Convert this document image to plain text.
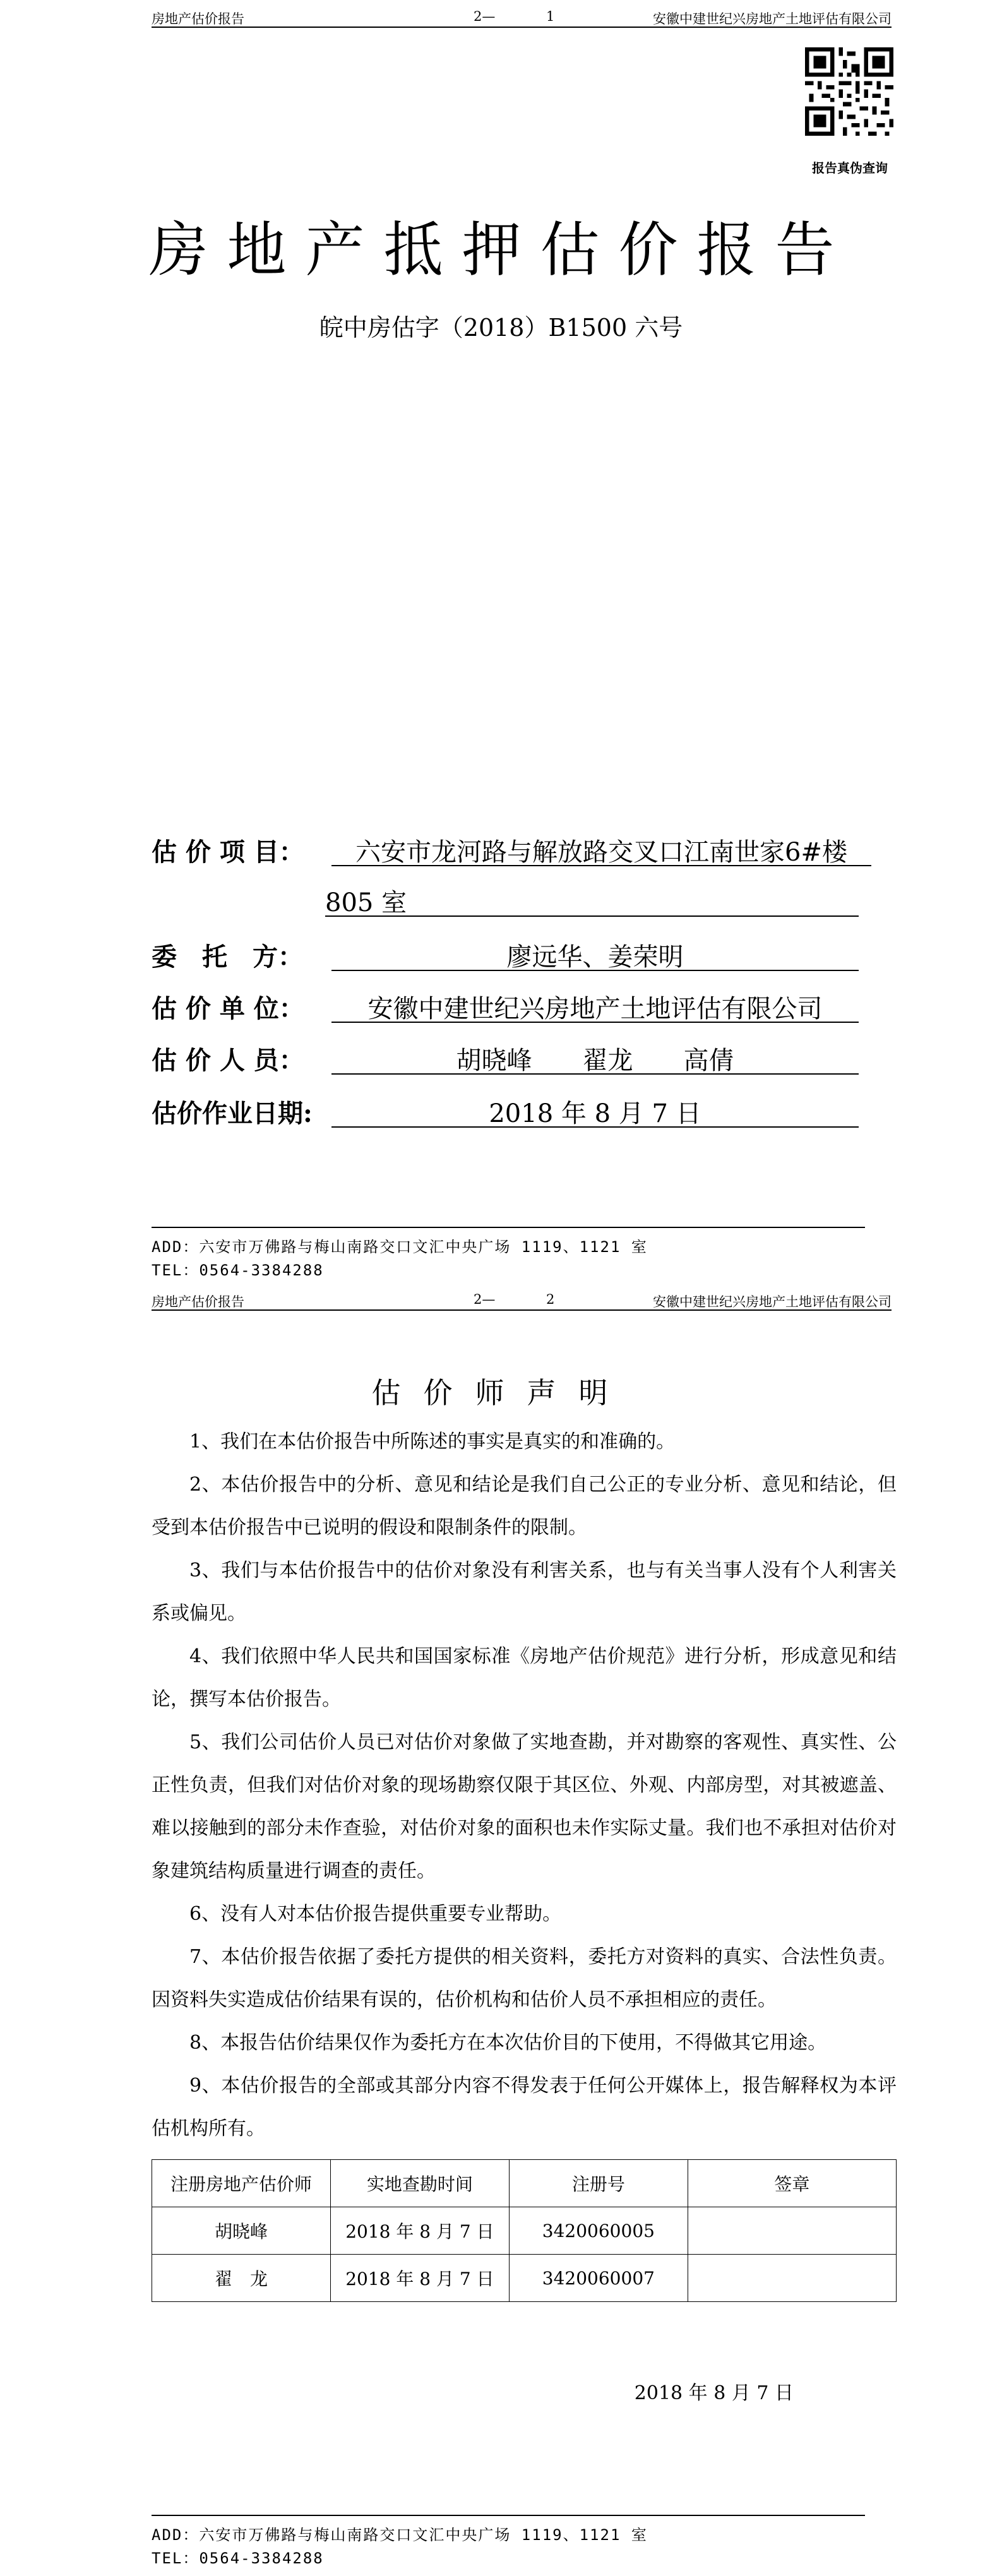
房地产估价报告	2—	1	安徽中建世纪兴房地产土地评估有限公司
报告真伪查询
房地产抵押估价报告
皖中房估字（2018）B1500 六号
估 价 项 目：	六安市龙河路与解放路交叉口江南世家6#楼
805 室
委　托　方：	廖远华、姜荣明
估 价 单 位：	安徽中建世纪兴房地产土地评估有限公司
估 价 人 员：	胡晓峰　　翟龙　　高倩
估价作业日期:	2018 年 8 月 7 日
ADD：六安市万佛路与梅山南路交口文汇中央广场 1119、1121 室
TEL：0564-3384288
房地产估价报告	2—	2	安徽中建世纪兴房地产土地评估有限公司
估价师声明

1、我们在本估价报告中所陈述的事实是真实的和准确的。

2、本估价报告中的分析、意见和结论是我们自己公正的专业分析、意见和结论，但受到本估价报告中已说明的假设和限制条件的限制。

3、我们与本估价报告中的估价对象没有利害关系，也与有关当事人没有个人利害关系或偏见。

4、我们依照中华人民共和国国家标准《房地产估价规范》进行分析，形成意见和结论，撰写本估价报告。

5、我们公司估价人员已对估价对象做了实地查勘，并对勘察的客观性、真实性、公正性负责，但我们对估价对象的现场勘察仅限于其区位、外观、内部房型，对其被遮盖、难以接触到的部分未作查验，对估价对象的面积也未作实际丈量。我们也不承担对估价对象建筑结构质量进行调查的责任。

6、没有人对本估价报告提供重要专业帮助。

7、本估价报告依据了委托方提供的相关资料，委托方对资料的真实、合法性负责。因资料失实造成估价结果有误的，估价机构和估价人员不承担相应的责任。

8、本报告估价结果仅作为委托方在本次估价目的下使用，不得做其它用途。

9、本估价报告的全部或其部分内容不得发表于任何公开媒体上，报告解释权为本评估机构所有。

注册房地产估价师	实地查勘时间	注册号	签章
胡晓峰	2018 年 8 月 7 日	3420060005	
翟　龙	2018 年 8 月 7 日	3420060007	
2018 年 8 月 7 日
ADD：六安市万佛路与梅山南路交口文汇中央广场 1119、1121 室
TEL：0564-3384288
